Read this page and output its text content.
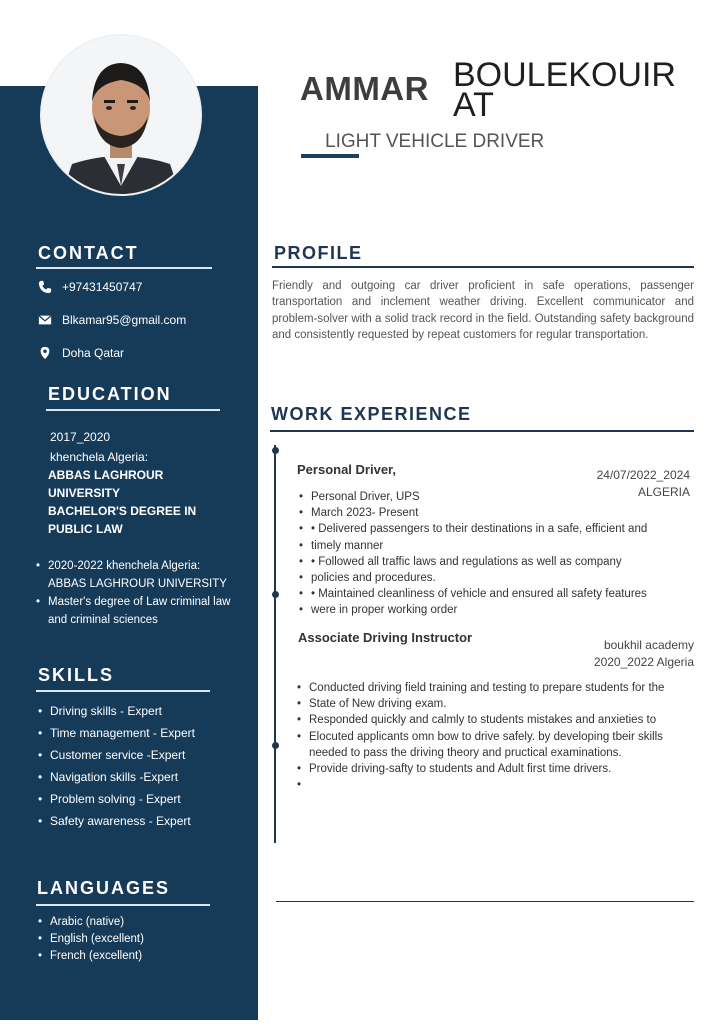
AMMAR BOULEKOUIR AT
LIGHT VEHICLE DRIVER
CONTACT
+97431450747
Blkamar95@gmail.com
Doha Qatar
EDUCATION
2017_2020
khenchela Algeria:
ABBAS LAGHROUR UNIVERSITY
BACHELOR'S DEGREE IN PUBLIC LAW
• 2020-2022 khenchela Algeria: ABBAS LAGHROUR UNIVERSITY
• Master's degree of Law criminal law and criminal sciences
SKILLS
• Driving skills - Expert
• Time management - Expert
• Customer service -Expert
• Navigation skills -Expert
• Problem solving - Expert
• Safety awareness - Expert
LANGUAGES
• Arabic (native)
• English (excellent)
• French (excellent)
PROFILE

Friendly and outgoing car driver proficient in safe operations, passenger transportation and inclement weather driving. Excellent communicator and problem-solver with a solid track record in the field. Outstanding safety background and consistently requested by repeat customers for regular transportation.

WORK EXPERIENCE
Personal Driver,	24/07/2022_2024
ALGERIA
• Personal Driver, UPS
• March 2023- Present
• • Delivered passengers to their destinations in a safe, efficient and
• timely manner
• • Followed all traffic laws and regulations as well as company
• policies and procedures.
• • Maintained cleanliness of vehicle and ensured all safety features
• were in proper working order
Associate Driving Instructor	boukhil academy
2020_2022 Algeria
• Conducted driving field training and testing to prepare students for the
• State of New driving exam.
• Responded quickly and calmly to students mistakes and anxieties to
• Elocuted applicants omn bow to drive safely. by developing tbeir skills needed to pass the driving theory and pructical examinations.
• Provide driving-safty to students and Adult first time drivers.
•
